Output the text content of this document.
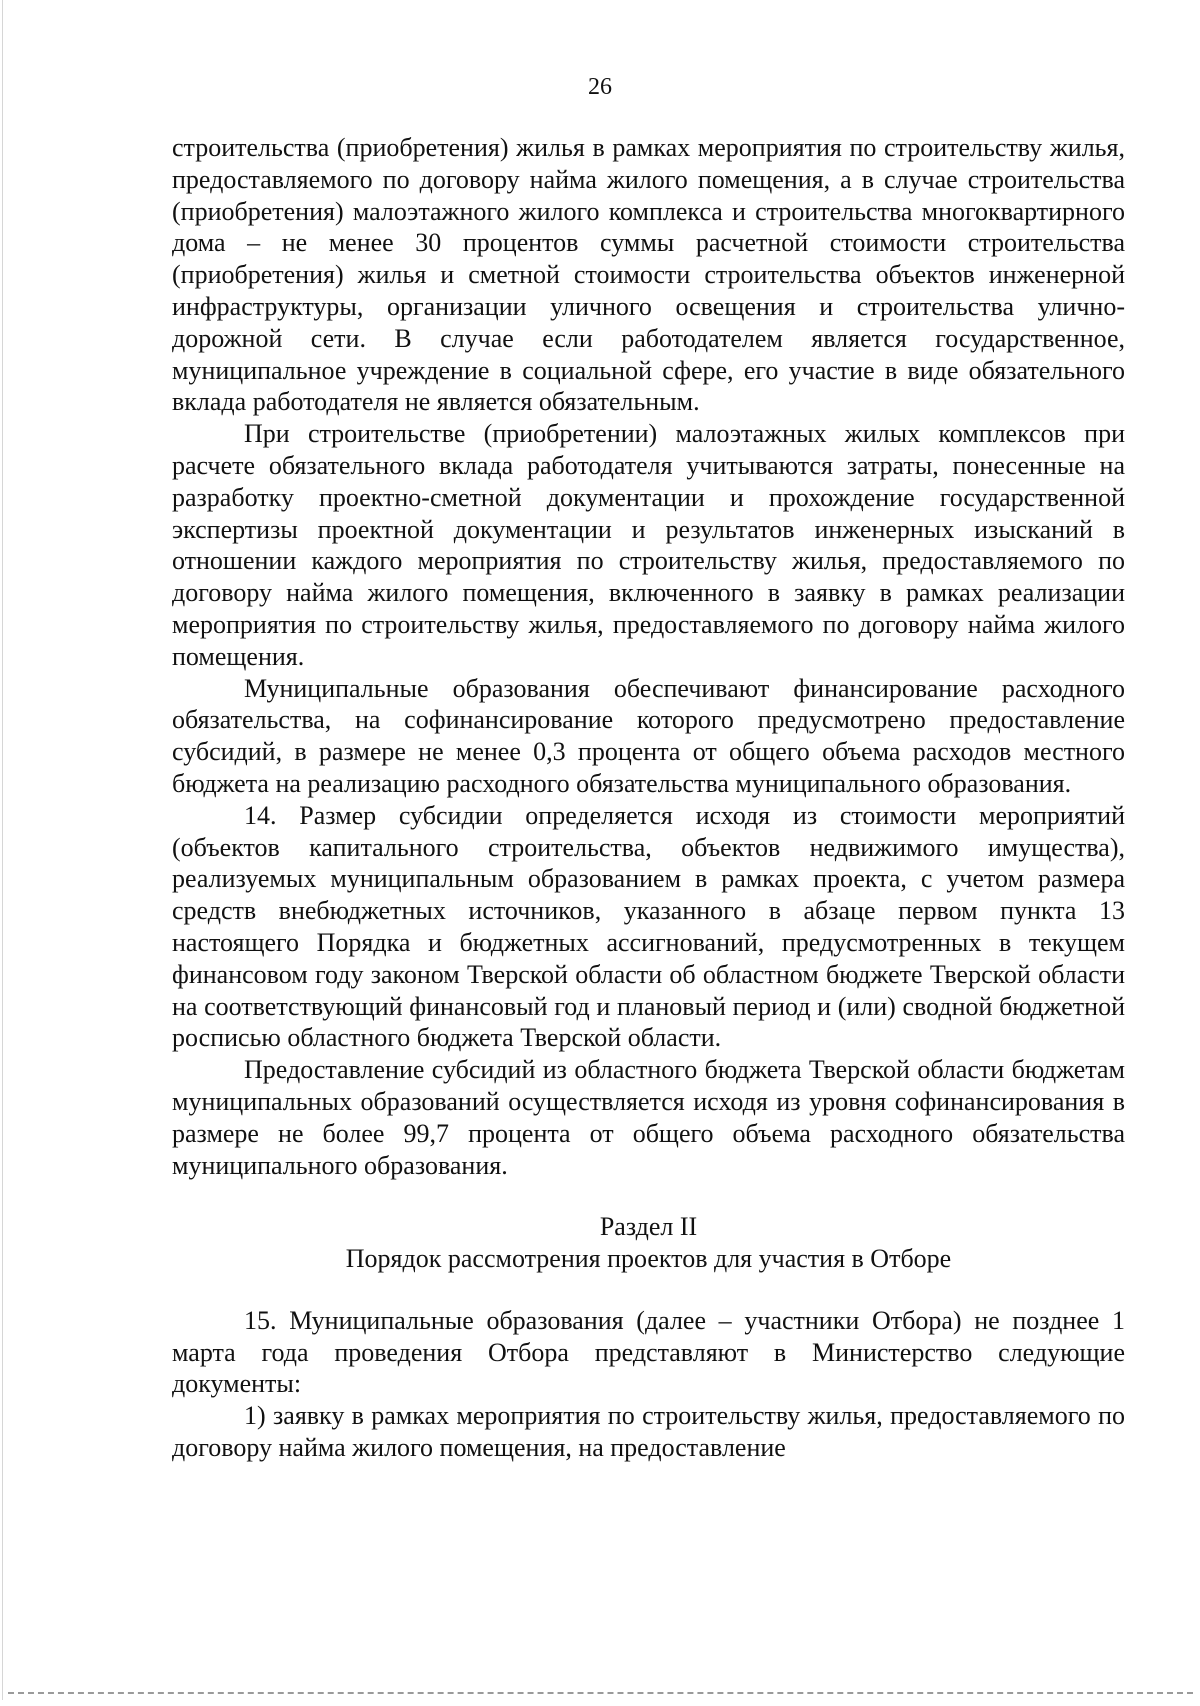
26

строительства (приобретения) жилья в рамках мероприятия по строительству жилья, предоставляемого по договору найма жилого помещения, а в случае строительства (приобретения) малоэтажного жилого комплекса и строительства многоквартирного дома – не менее 30 процентов суммы расчетной стоимости строительства (приобретения) жилья и сметной стоимости строительства объектов инженерной инфраструктуры, организации уличного освещения и строительства улично-дорожной сети. В случае если работодателем является государственное, муниципальное учреждение в социальной сфере, его участие в виде обязательного вклада работодателя не является обязательным.

При строительстве (приобретении) малоэтажных жилых комплексов при расчете обязательного вклада работодателя учитываются затраты, понесенные на разработку проектно-сметной документации и прохождение государственной экспертизы проектной документации и результатов инженерных изысканий в отношении каждого мероприятия по строительству жилья, предоставляемого по договору найма жилого помещения, включенного в заявку в рамках реализации мероприятия по строительству жилья, предоставляемого по договору найма жилого помещения.

Муниципальные образования обеспечивают финансирование расходного обязательства, на софинансирование которого предусмотрено предоставление субсидий, в размере не менее 0,3 процента от общего объема расходов местного бюджета на реализацию расходного обязательства муниципального образования.

14. Размер субсидии определяется исходя из стоимости мероприятий (объектов капитального строительства, объектов недвижимого имущества), реализуемых муниципальным образованием в рамках проекта, с учетом размера средств внебюджетных источников, указанного в абзаце первом пункта 13 настоящего Порядка и бюджетных ассигнований, предусмотренных в текущем финансовом году законом Тверской области об областном бюджете Тверской области на соответствующий финансовый год и плановый период и (или) сводной бюджетной росписью областного бюджета Тверской области.

Предоставление субсидий из областного бюджета Тверской области бюджетам муниципальных образований осуществляется исходя из уровня софинансирования в размере не более 99,7 процента от общего объема расходного обязательства муниципального образования.

Раздел II

Порядок рассмотрения проектов для участия в Отборе

15. Муниципальные образования (далее – участники Отбора) не позднее 1 марта года проведения Отбора представляют в Министерство следующие документы:

1) заявку в рамках мероприятия по строительству жилья, предоставляемого по договору найма жилого помещения, на предоставление
